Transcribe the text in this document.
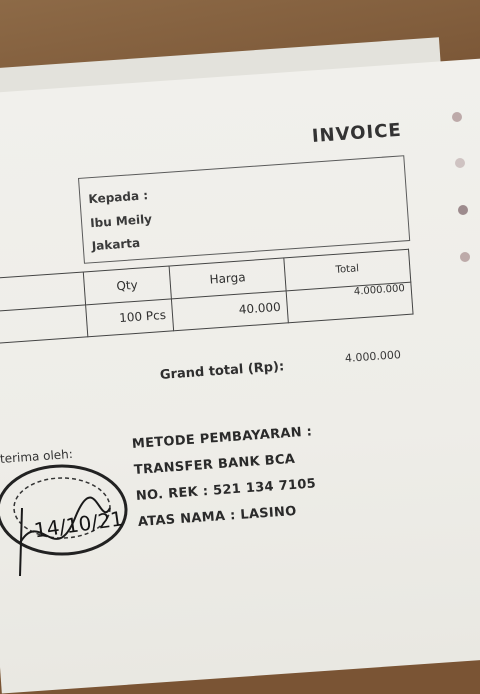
INVOICE
Kepada :
Ibu Meily
Jakarta
	Qty	Harga	Total
	100 Pcs	40.000	4.000.000
Grand total (Rp):
4.000.000
terima oleh:
14/10/21
METODE PEMBAYARAN :
TRANSFER BANK BCA
NO. REK : 521 134 7105
ATAS NAMA : LASINO
